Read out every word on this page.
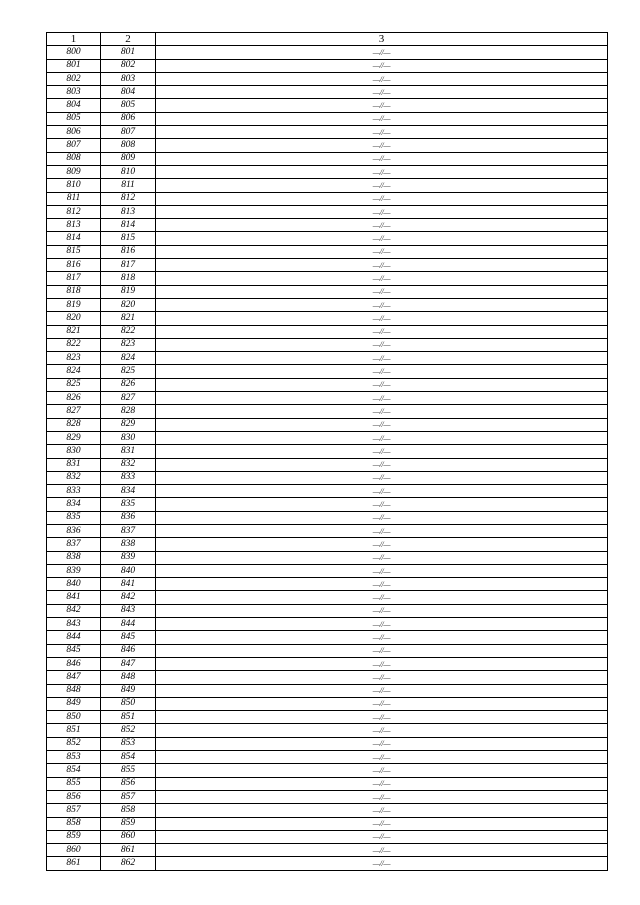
1	2	3
800	801	—//—
801	802	—//—
802	803	—//—
803	804	—//—
804	805	—//—
805	806	—//—
806	807	—//—
807	808	—//—
808	809	—//—
809	810	—//—
810	811	—//—
811	812	—//—
812	813	—//—
813	814	—//—
814	815	—//—
815	816	—//—
816	817	—//—
817	818	—//—
818	819	—//—
819	820	—//—
820	821	—//—
821	822	—//—
822	823	—//—
823	824	—//—
824	825	—//—
825	826	—//—
826	827	—//—
827	828	—//—
828	829	—//—
829	830	—//—
830	831	—//—
831	832	—//—
832	833	—//—
833	834	—//—
834	835	—//—
835	836	—//—
836	837	—//—
837	838	—//—
838	839	—//—
839	840	—//—
840	841	—//—
841	842	—//—
842	843	—//—
843	844	—//—
844	845	—//—
845	846	—//—
846	847	—//—
847	848	—//—
848	849	—//—
849	850	—//—
850	851	—//—
851	852	—//—
852	853	—//—
853	854	—//—
854	855	—//—
855	856	—//—
856	857	—//—
857	858	—//—
858	859	—//—
859	860	—//—
860	861	—//—
861	862	—//—
